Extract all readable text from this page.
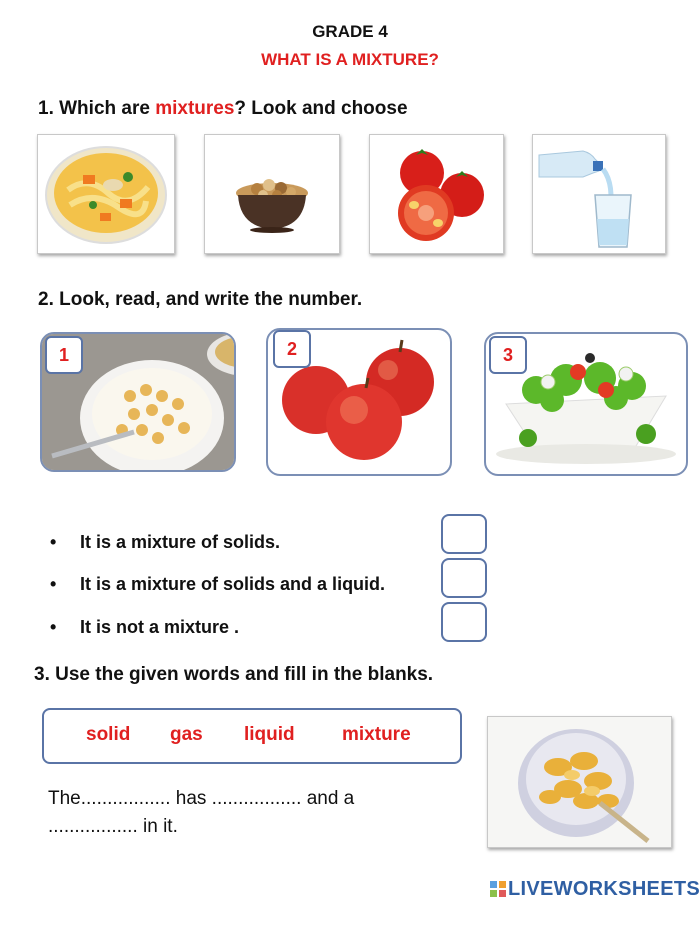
GRADE 4
WHAT IS A MIXTURE?
1. Which are mixtures? Look and choose
2. Look, read, and write the number.
1	2	3
• It is a mixture of solids.
• It is a mixture of solids and a liquid.
• It is not a mixture .
3. Use the given words and fill in the blanks.
solid gas liquid mixture
The................. has ................. and a
................. in it.
LIVEWORKSHEETS
